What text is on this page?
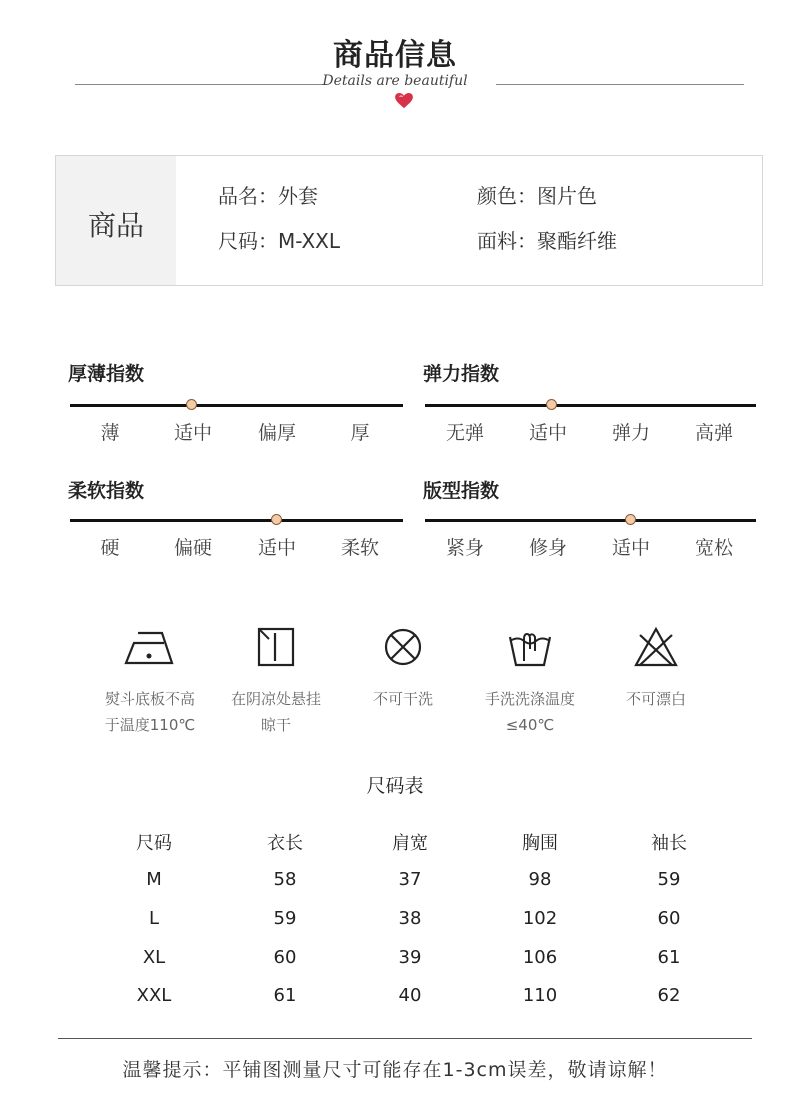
商品信息
Details are beautiful
商品
品名：外套	颜色：图片色
尺码：M-XXL	面料：聚酯纤维
厚薄指数
薄	适中	偏厚	厚
弹力指数
无弹	适中	弹力	高弹
柔软指数
硬	偏硬	适中	柔软
版型指数
紧身	修身	适中	宽松
熨斗底板不高
于温度110℃
在阴凉处悬挂
晾干
不可干洗	手洗洗涤温度
≤40℃
不可漂白
尺码表
尺码	衣长	肩宽	胸围	袖长
M	58	37	98	59
L	59	38	102	60
XL	60	39	106	61
XXL	61	40	110	62
温馨提示：平铺图测量尺寸可能存在1-3cm误差，敬请谅解！
